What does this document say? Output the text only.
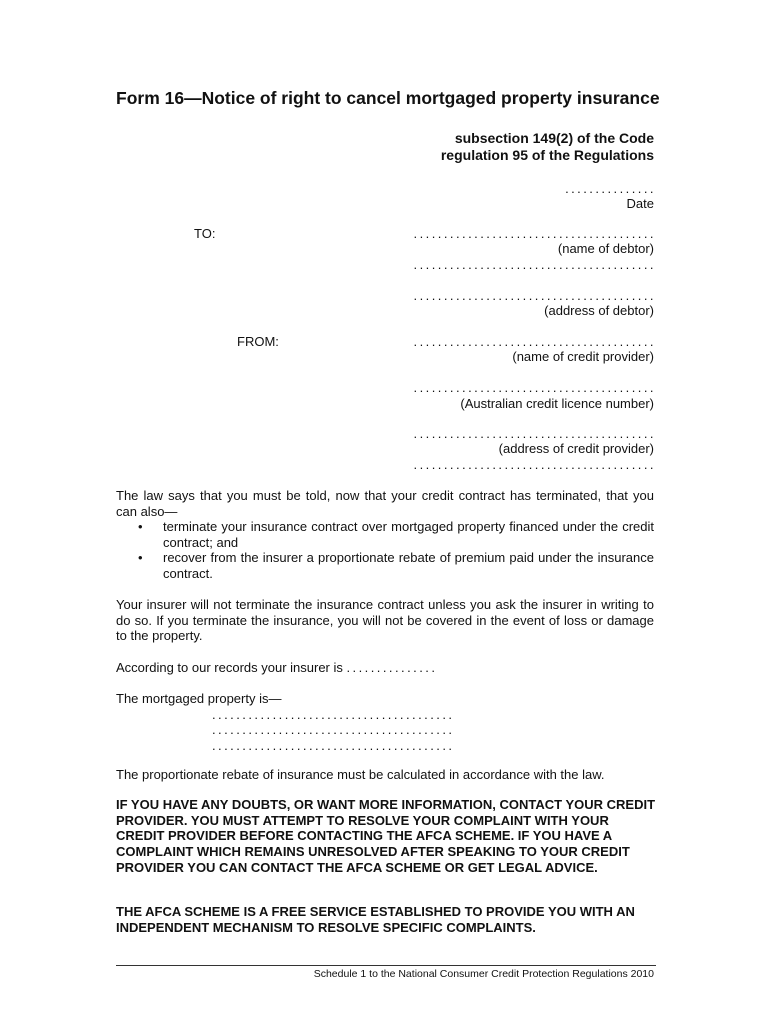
Form 16—Notice of right to cancel mortgaged property insurance
subsection 149(2) of the Code
regulation 95 of the Regulations
...............
Date
TO:	........................................
(name of debtor)
........................................
........................................
(address of debtor)
FROM:	........................................
(name of credit provider)
........................................
(Australian credit licence number)
........................................
(address of credit provider)
........................................
The law says that you must be told, now that your credit contract has terminated, that you can also—
• terminate your insurance contract over mortgaged property financed under the credit contract; and
• recover from the insurer a proportionate rebate of premium paid under the insurance contract.
Your insurer will not terminate the insurance contract unless you ask the insurer in writing to do so. If you terminate the insurance, you will not be covered in the event of loss or damage to the property.
According to our records your insurer is ...............
The mortgaged property is—
........................................
........................................
........................................
The proportionate rebate of insurance must be calculated in accordance with the law.
IF YOU HAVE ANY DOUBTS, OR WANT MORE INFORMATION, CONTACT YOUR CREDIT PROVIDER. YOU MUST ATTEMPT TO RESOLVE YOUR COMPLAINT WITH YOUR CREDIT PROVIDER BEFORE CONTACTING THE AFCA SCHEME. IF YOU HAVE A COMPLAINT WHICH REMAINS UNRESOLVED AFTER SPEAKING TO YOUR CREDIT PROVIDER YOU CAN CONTACT THE AFCA SCHEME OR GET LEGAL ADVICE.
THE AFCA SCHEME IS A FREE SERVICE ESTABLISHED TO PROVIDE YOU WITH AN INDEPENDENT MECHANISM TO RESOLVE SPECIFIC COMPLAINTS.
Schedule 1 to the National Consumer Credit Protection Regulations 2010
